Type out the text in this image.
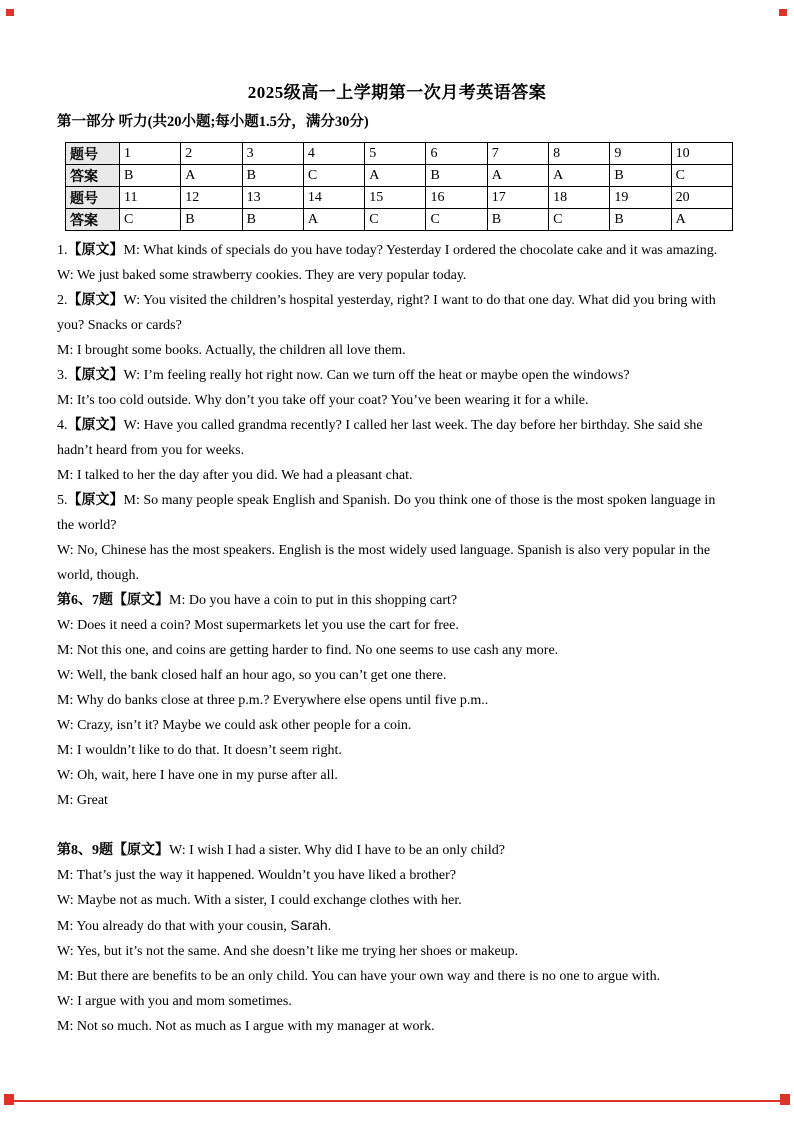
2025级高一上学期第一次月考英语答案
第一部分 听力(共20小题;每小题1.5分，满分30分)
题号	1	2	3	4	5	6	7	8	9	10
答案	B	A	B	C	A	B	A	A	B	C
题号	11	12	13	14	15	16	17	18	19	20
答案	C	B	B	A	C	C	B	C	B	A
1.【原文】M: What kinds of specials do you have today? Yesterday I ordered the chocolate cake and it was amazing.
W: We just baked some strawberry cookies. They are very popular today.
2.【原文】W: You visited the children’s hospital yesterday, right? I want to do that one day. What did you bring with
you? Snacks or cards?
M: I brought some books. Actually, the children all love them.
3.【原文】W: I’m feeling really hot right now. Can we turn off the heat or maybe open the windows?
M: It’s too cold outside. Why don’t you take off your coat? You’ve been wearing it for a while.
4.【原文】W: Have you called grandma recently? I called her last week. The day before her birthday. She said she
hadn’t heard from you for weeks.
M: I talked to her the day after you did. We had a pleasant chat.
5.【原文】M: So many people speak English and Spanish. Do you think one of those is the most spoken language in
the world?
W: No, Chinese has the most speakers. English is the most widely used language. Spanish is also very popular in the
world, though.
第6、7题【原文】M: Do you have a coin to put in this shopping cart?
W: Does it need a coin? Most supermarkets let you use the cart for free.
M: Not this one, and coins are getting harder to find. No one seems to use cash any more.
W: Well, the bank closed half an hour ago, so you can’t get one there.
M: Why do banks close at three p.m.? Everywhere else opens until five p.m..
W: Crazy, isn’t it? Maybe we could ask other people for a coin.
M: I wouldn’t like to do that. It doesn’t seem right.
W: Oh, wait, here I have one in my purse after all.
M: Great
第8、9题【原文】W: I wish I had a sister. Why did I have to be an only child?
M: That’s just the way it happened. Wouldn’t you have liked a brother?
W: Maybe not as much. With a sister, I could exchange clothes with her.
M: You already do that with your cousin, Sarah.
W: Yes, but it’s not the same. And she doesn’t like me trying her shoes or makeup.
M: But there are benefits to be an only child. You can have your own way and there is no one to argue with.
W: I argue with you and mom sometimes.
M: Not so much. Not as much as I argue with my manager at work.
